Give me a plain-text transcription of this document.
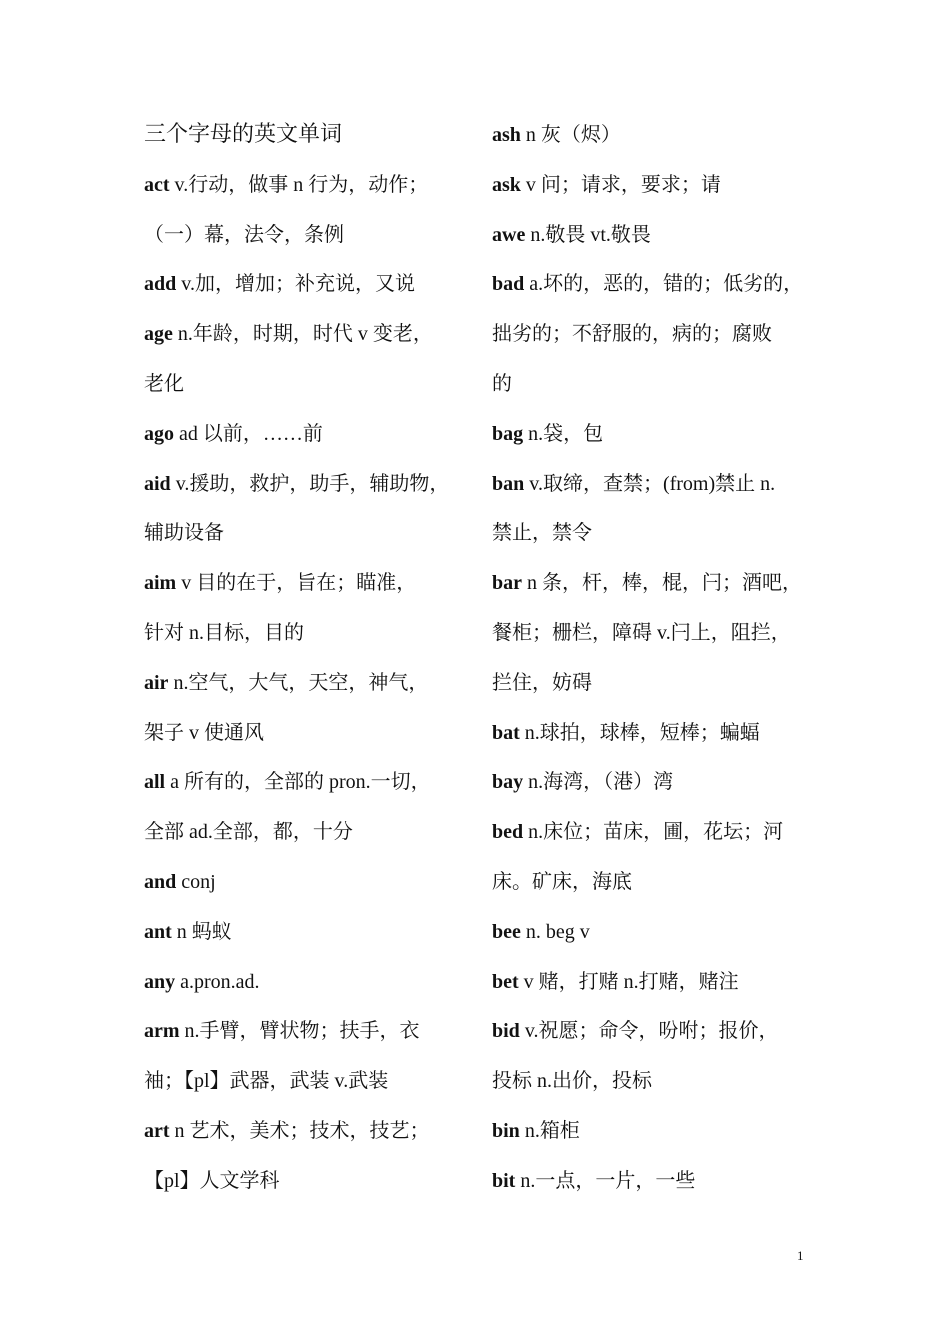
三个字母的英文单词
act v.行动，做事 n 行为，动作；
（一）幕，法令，条例
add v.加，增加；补充说，又说
age n.年龄，时期，时代 v 变老，
老化
ago ad 以前，……前
aid v.援助，救护，助手，辅助物，
辅助设备
aim v 目的在于，旨在；瞄准，
针对 n.目标，目的
air n.空气，大气，天空，神气，
架子 v 使通风
all a 所有的，全部的 pron.一切，
全部 ad.全部，都，十分
and conj
ant n 蚂蚁
any a.pron.ad.
arm n.手臂，臂状物；扶手，衣
袖；【pl】武器，武装 v.武装
art n 艺术，美术；技术，技艺；
【pl】人文学科
ash n 灰（烬）
ask v 问；请求，要求；请
awe n.敬畏 vt.敬畏
bad a.坏的，恶的，错的；低劣的，
拙劣的；不舒服的，病的；腐败
的
bag n.袋，包
ban v.取缔，查禁；(from)禁止 n.
禁止，禁令
bar n 条，杆，棒，棍，闩；酒吧，
餐柜；栅栏，障碍 v.闩上，阻拦，
拦住，妨碍
bat n.球拍，球棒，短棒；蝙蝠
bay n.海湾，（港）湾
bed n.床位；苗床，圃，花坛；河
床。矿床，海底
bee n. beg v
bet v 赌，打赌 n.打赌，赌注
bid v.祝愿；命令，吩咐；报价，
投标 n.出价，投标
bin n.箱柜
bit n.一点，一片，一些
1
